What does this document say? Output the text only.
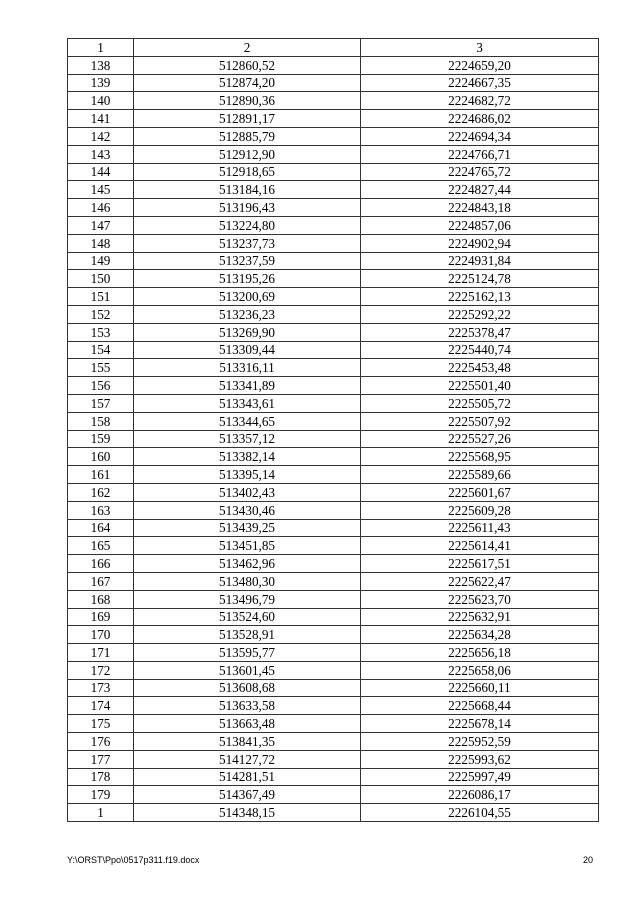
1	2	3
138	512860,52	2224659,20
139	512874,20	2224667,35
140	512890,36	2224682,72
141	512891,17	2224686,02
142	512885,79	2224694,34
143	512912,90	2224766,71
144	512918,65	2224765,72
145	513184,16	2224827,44
146	513196,43	2224843,18
147	513224,80	2224857,06
148	513237,73	2224902,94
149	513237,59	2224931,84
150	513195,26	2225124,78
151	513200,69	2225162,13
152	513236,23	2225292,22
153	513269,90	2225378,47
154	513309,44	2225440,74
155	513316,11	2225453,48
156	513341,89	2225501,40
157	513343,61	2225505,72
158	513344,65	2225507,92
159	513357,12	2225527,26
160	513382,14	2225568,95
161	513395,14	2225589,66
162	513402,43	2225601,67
163	513430,46	2225609,28
164	513439,25	2225611,43
165	513451,85	2225614,41
166	513462,96	2225617,51
167	513480,30	2225622,47
168	513496,79	2225623,70
169	513524,60	2225632,91
170	513528,91	2225634,28
171	513595,77	2225656,18
172	513601,45	2225658,06
173	513608,68	2225660,11
174	513633,58	2225668,44
175	513663,48	2225678,14
176	513841,35	2225952,59
177	514127,72	2225993,62
178	514281,51	2225997,49
179	514367,49	2226086,17
1	514348,15	2226104,55
Y:\ORST\Ppo\0517p311.f19.docx	20
